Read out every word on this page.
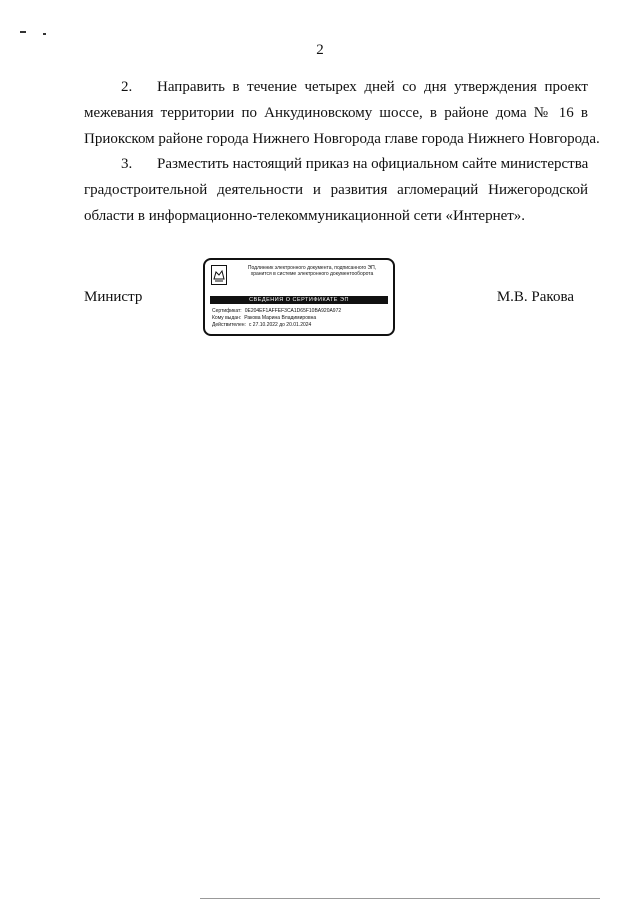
2
2. Направить в течение четырех дней со дня утверждения проект
межевания территории по Анкудиновскому шоссе, в районе дома № 16 в
Приокском районе города Нижнего Новгорода главе города Нижнего Новгорода.
3. Разместить настоящий приказ на официальном сайте министерства
градостроительной деятельности и развития агломераций Нижегородской
области в информационно-телекоммуникационной сети «Интернет».
Министр
Подлинник электронного документа, подписанного ЭП,
хранится в системе электронного документооборота
СВЕДЕНИЯ О СЕРТИФИКАТЕ ЭП
Сертификат: 0E204EF1AFFEF3CA1D65F10BA920A972
Кому выдан: Ракова Марина Владимировна
Действителен: с 27.10.2022 до 20.01.2024
М.В. Ракова
